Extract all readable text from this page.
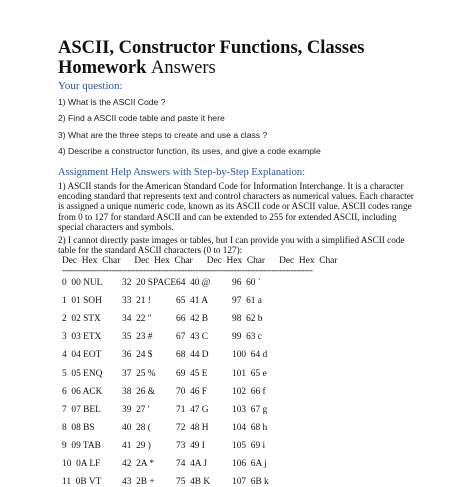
ASCII, Constructor Functions, Classes Homework Answers
Your question:
1) What is the ASCII Code ?
2) Find a ASCII code table and paste it here
3) What are the three steps to create and use a class ?
4) Describe a constructor function, its uses, and give a code example
Assignment Help Answers with Step-by-Step Explanation:
1) ASCII stands for the American Standard Code for Information Interchange. It is a character encoding standard that represents text and control characters as numerical values. Each character is assigned a unique numeric code, known as its ASCII code or ASCII value. ASCII codes range from 0 to 127 for standard ASCII and can be extended to 255 for extended ASCII, including special characters and symbols.
2) I cannot directly paste images or tables, but I can provide you with a simplified ASCII code table for the standard ASCII characters (0 to 127):
Dec  Hex  Char      Dec  Hex  Char      Dec  Hex  Char      Dec  Hex  Char
--------------------------------------------------------------------------------------------
0  00 NUL 32  20 SPACE 64  40 @ 96  60 `
1  01 SOH 33  21 !	65  41 A	97  61 a
2  02 STX 34  22 "	66  42 B	98  62 b
3  03 ETX 35  23 #	67  43 C	99  63 c
4  04 EOT 36  24 $	68  44 D 100  64 d
5  05 ENQ 37  25 % 69  45 E	101  65 e
6  06 ACK 38  26 & 70  46 F	102  66 f
7  07 BEL 39  27 '	71  47 G 103  67 g
8  08 BS	40  28 (	72  48 H 104  68 h
9  09 TAB 41  29 )	73  49 I	105  69 i
10  0A LF 42  2A * 74  4A J	106  6A j
11  0B VT 43  2B + 75  4B K 107  6B k
